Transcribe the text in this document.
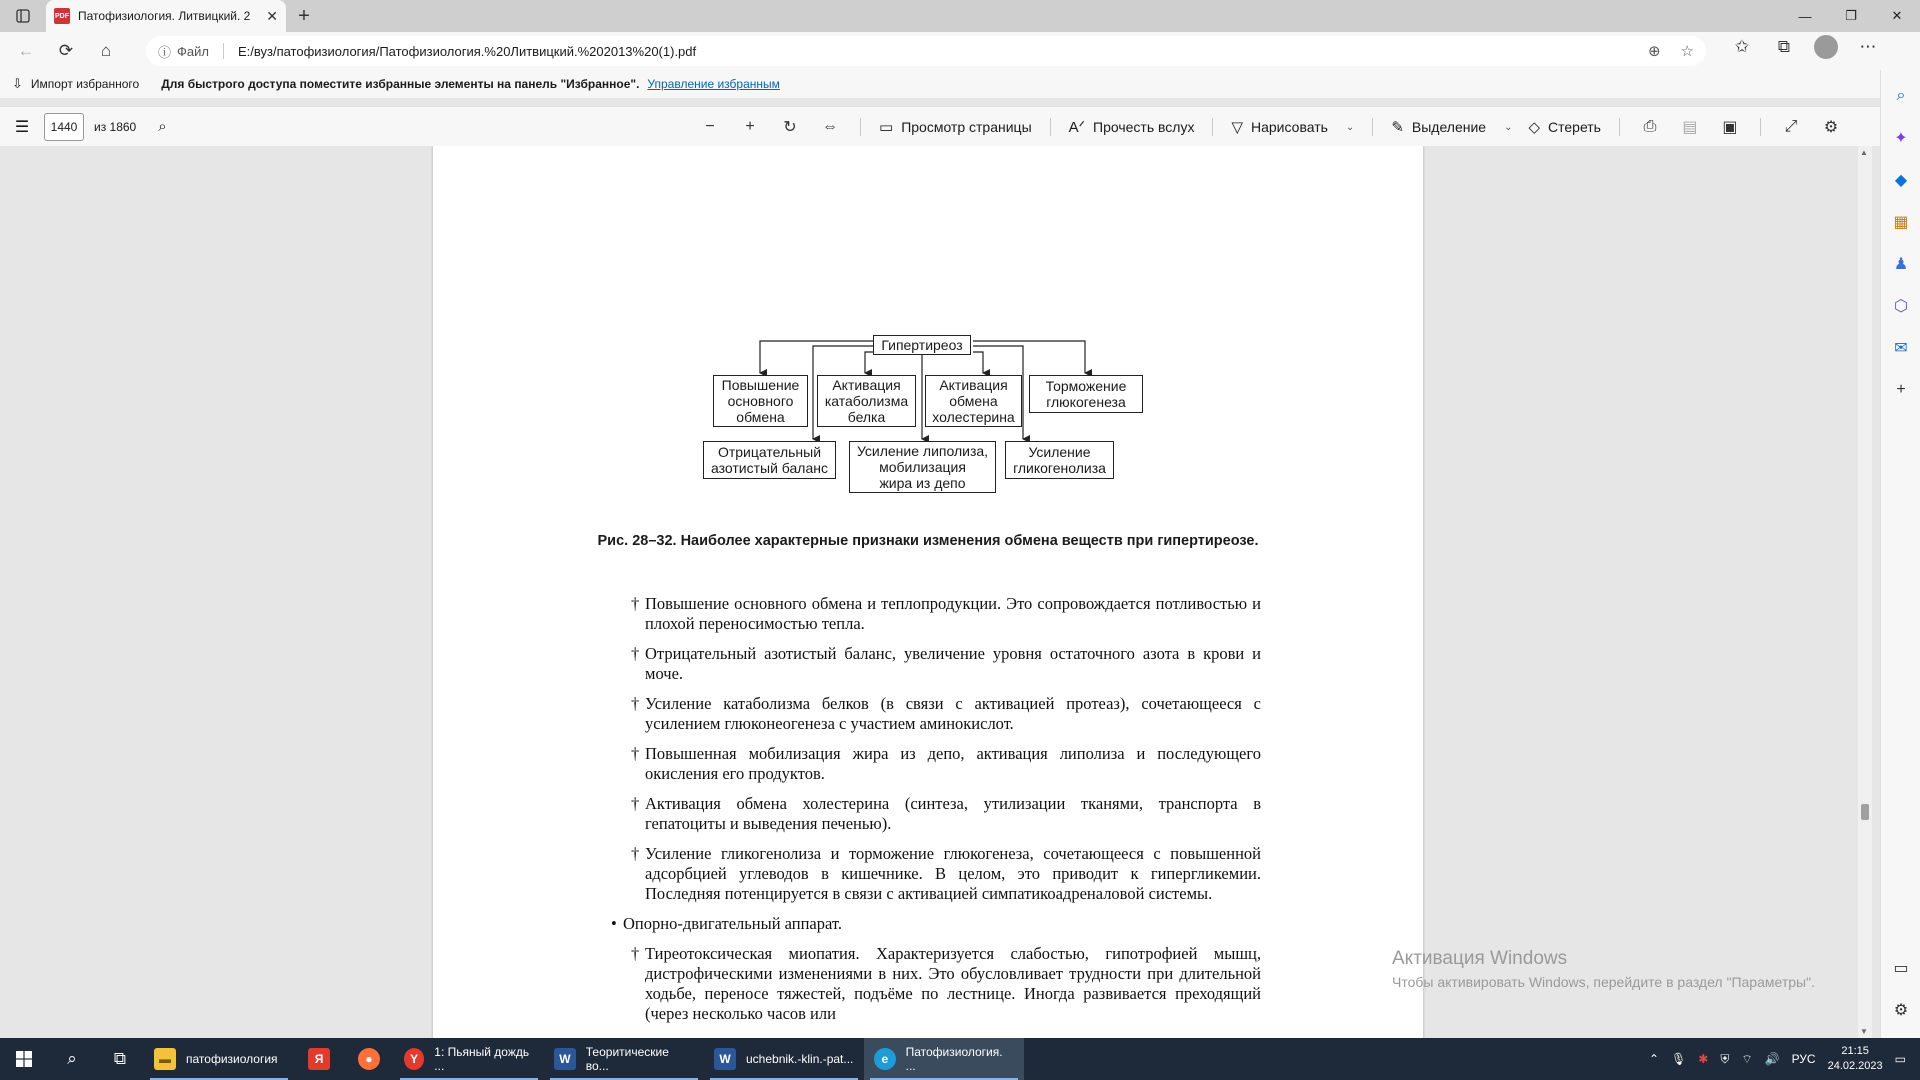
PDF Патофизиология. Литвицкий. 2	✕	+	—	❐	✕
←	⟳	⌂	ⓘ Файл E:/вуз/патофизиология/Патофизиология.%20Литвицкий.%202013%20(1).pdf	⊕ ☆ ✩	⧉	⋯
⇩ Импорт избранного Для быстрого доступа поместите избранные элементы на панель "Избранное". Управление избранным
☰	1440	из 1860 ⌕	−	+	↻	⇔	▭ Просмотр страницы Aᐟ Прочесть вслух ▽ Нарисовать ⌄ ✎ Выделение ⌄ ◇ Стереть	⎙	▤	▣	⤢	⚙
Гипертиреоз
Повышение
основного
обмена
Активация
катаболизма
белка
Активация
обмена
холестерина
Торможение
глюкогенеза
Отрицательный
азотистый баланс
Усиление липолиза,
мобилизация
жира из депо
Усиление
гликогенолиза
Рис. 28–32. Наиболее характерные признаки изменения обмена веществ при гипертиреозе.
† Повышение основного обмена и теплопродукции. Это сопровождается потливостью и плохой переносимостью тепла.
† Отрицательный азотистый баланс, увеличение уровня остаточного азота в крови и моче.
† Усиление катаболизма белков (в связи с активацией протеаз), сочетающееся с усилением глюконеогенеза с участием аминокислот.
† Повышенная мобилизация жира из депо, активация липолиза и последующего окисления его продуктов.
† Активация обмена холестерина (синтеза, утилизации тканями, транспорта в гепатоциты и выведения печенью).
† Усиление гликогенолиза и торможение глюкогенеза, сочетающееся с повышенной адсорбцией углеводов в кишечнике. В целом, это приводит к гипергликемии. Последняя потенцируется в связи с активацией симпатикоадреналовой системы.
• Опорно-двигательный аппарат.
† Тиреотоксическая миопатия. Характеризуется слабостью, гипотрофией мышц, дистрофическими изменениями в них. Это обусловливает трудности при длительной ходьбе, переносе тяжестей, подъёме по лестнице. Иногда развивается преходящий (через несколько часов или
▲
▼
⌕
✦
◆
▦
♟
⬡
✉
+
▭
⚙
Активация Windows
Чтобы активировать Windows, перейдите в раздел "Параметры".
⌕	⧉	▬	патофизиология	Я	●	Y	1: Пьяный дождь ...	W	Теоритические во...	W	uchebnik.-klin.-pat...	e	Патофизиология. ...	⌃ 🎙 ✱ ⛨ ⌔ 🔊 РУС
21:15
24.02.2023 ▭
